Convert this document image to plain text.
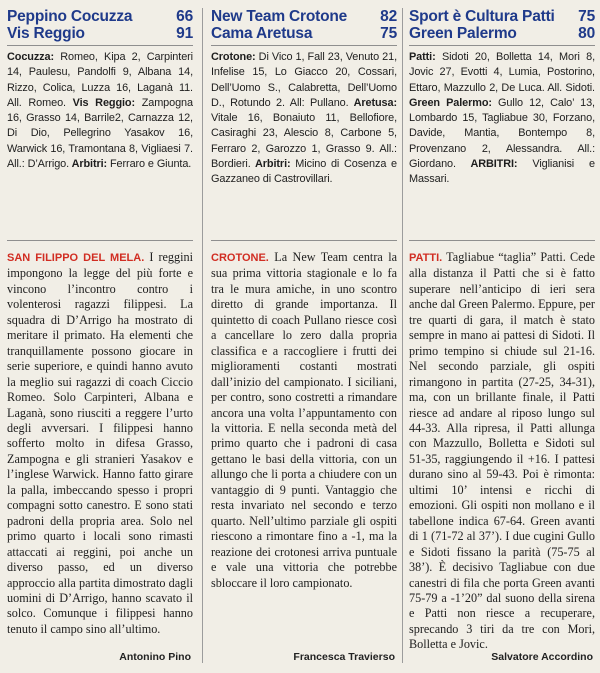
Peppino Cocuzza	66
Vis Reggio	91
Cocuzza: Romeo, Kipa 2, Carpinteri 14, Paulesu, Pandolfi 9, Albana 14, Rizzo, Colica, Luzza 16, Laganà 11. All. Romeo. Vis Reggio: Zampogna 16, Grasso 14, Barrile2, Carnazza 12, Di Dio, Pellegrino Yasakov 16, Warwick 16, Tramontana 8, Vigliaesi 7. All.: D’Arrigo. Arbitri: Ferraro e Giunta.
SAN FILIPPO DEL MELA. I reggini impongono la legge del più forte e vincono l’incontro contro i volenterosi ragazzi filippesi. La squadra di D’Arrigo ha mostrato di meritare il primato. Ha elementi che tranquillamente possono giocare in serie superiore, e quindi hanno avuto la meglio sui ragazzi di coach Ciccio Romeo. Solo Carpinteri, Albana e Laganà, sono riusciti a reggere l’urto degli avversari. I filippesi hanno sofferto molto in difesa Grasso, Zampogna e gli stranieri Yasakov e l’inglese Warwick. Hanno fatto girare la palla, imbeccando spesso i propri compagni sotto canestro. E sono stati padroni della propria area. Solo nel primo quarto i locali sono rimasti attaccati ai reggini, poi anche un diverso passo, ed un diverso approccio alla partita dimostrato dagli uomini di D’Arrigo, hanno scavato il solco. Comunque i filippesi hanno tenuto il campo sino all’ultimo.
Antonino Pino
New Team Crotone 82
Cama Aretusa	75
Crotone: Di Vico 1, Fall 23, Venuto 21, Infelise 15, Lo Giacco 20, Cossari, Dell’Uomo S., Calabretta, Dell’Uomo D., Rotundo 2. All: Pullano. Aretusa: Vitale 16, Bonaiuto 11, Bellofiore, Casiraghi 23, Alescio 8, Carbone 5, Ferraro 2, Garozzo 1, Grasso 9. All.: Bordieri. Arbitri: Micino di Cosenza e Gazzaneo di Castrovillari.
CROTONE. La New Team centra la sua prima vittoria stagionale e lo fa tra le mura amiche, in uno scontro diretto di grande importanza. Il quintetto di coach Pullano riesce così a cancellare lo zero dalla propria classifica e a raccogliere i frutti dei miglioramenti costanti mostrati dall’inizio del campionato. I siciliani, per contro, sono costretti a rimandare ancora una volta l’appuntamento con la vittoria. E nella seconda metà del primo quarto che i padroni di casa gettano le basi della vittoria, con un allungo che li porta a chiudere con un vantaggio di 9 punti. Vantaggio che resta invariato nel secondo e terzo quarto. Nell’ultimo parziale gli ospiti riescono a rimontare fino a -1, ma la reazione dei crotonesi arriva puntuale e vale una vittoria che potrebbe sbloccare il loro campionato.
Francesca Travierso
Sport è Cultura Patti 75
Green Palermo	80
Patti: Sidoti 20, Bolletta 14, Mori 8, Jovic 27, Evotti 4, Lumia, Postorino, Ettaro, Mazzullo 2, De Luca. All. Sidoti. Green Palermo: Gullo 12, Calo’ 13, Lombardo 15, Tagliabue 30, Forzano, Davide, Mantia, Bontempo 8, Provenzano 2, Alessandra. All.: Giordano. ARBITRI: Viglianisi e Massari.
PATTI. Tagliabue “taglia” Patti. Cede alla distanza il Patti che si è fatto superare nell’anticipo di ieri sera anche dal Green Palermo. Eppure, per tre quarti di gara, il match è stato sempre in mano ai pattesi di Sidoti. Il primo tempino si chiude sul 21-16. Nel secondo parziale, gli ospiti rimangono in partita (27-25, 34-31), ma, con un brillante finale, il Patti riesce ad andare al riposo lungo sul 44-33. Alla ripresa, il Patti allunga con Mazzullo, Bolletta e Sidoti sul 51-35, raggiungendo il +16. I pattesi durano sino al 59-43. Poi è rimonta: ultimi 10’ intensi e ricchi di emozioni. Gli ospiti non mollano e il tabellone indica 67-64. Green avanti di 1 (71-72 al 37’). I due cugini Gullo e Sidoti fissano la parità (75-75 al 38’). È decisivo Tagliabue con due canestri di fila che porta Green avanti 75-79 a -1’20” dal suono della sirena e Patti non riesce a recuperare, sprecando 3 tiri da tre con Mori, Bolletta e Jovic.
Salvatore Accordino
